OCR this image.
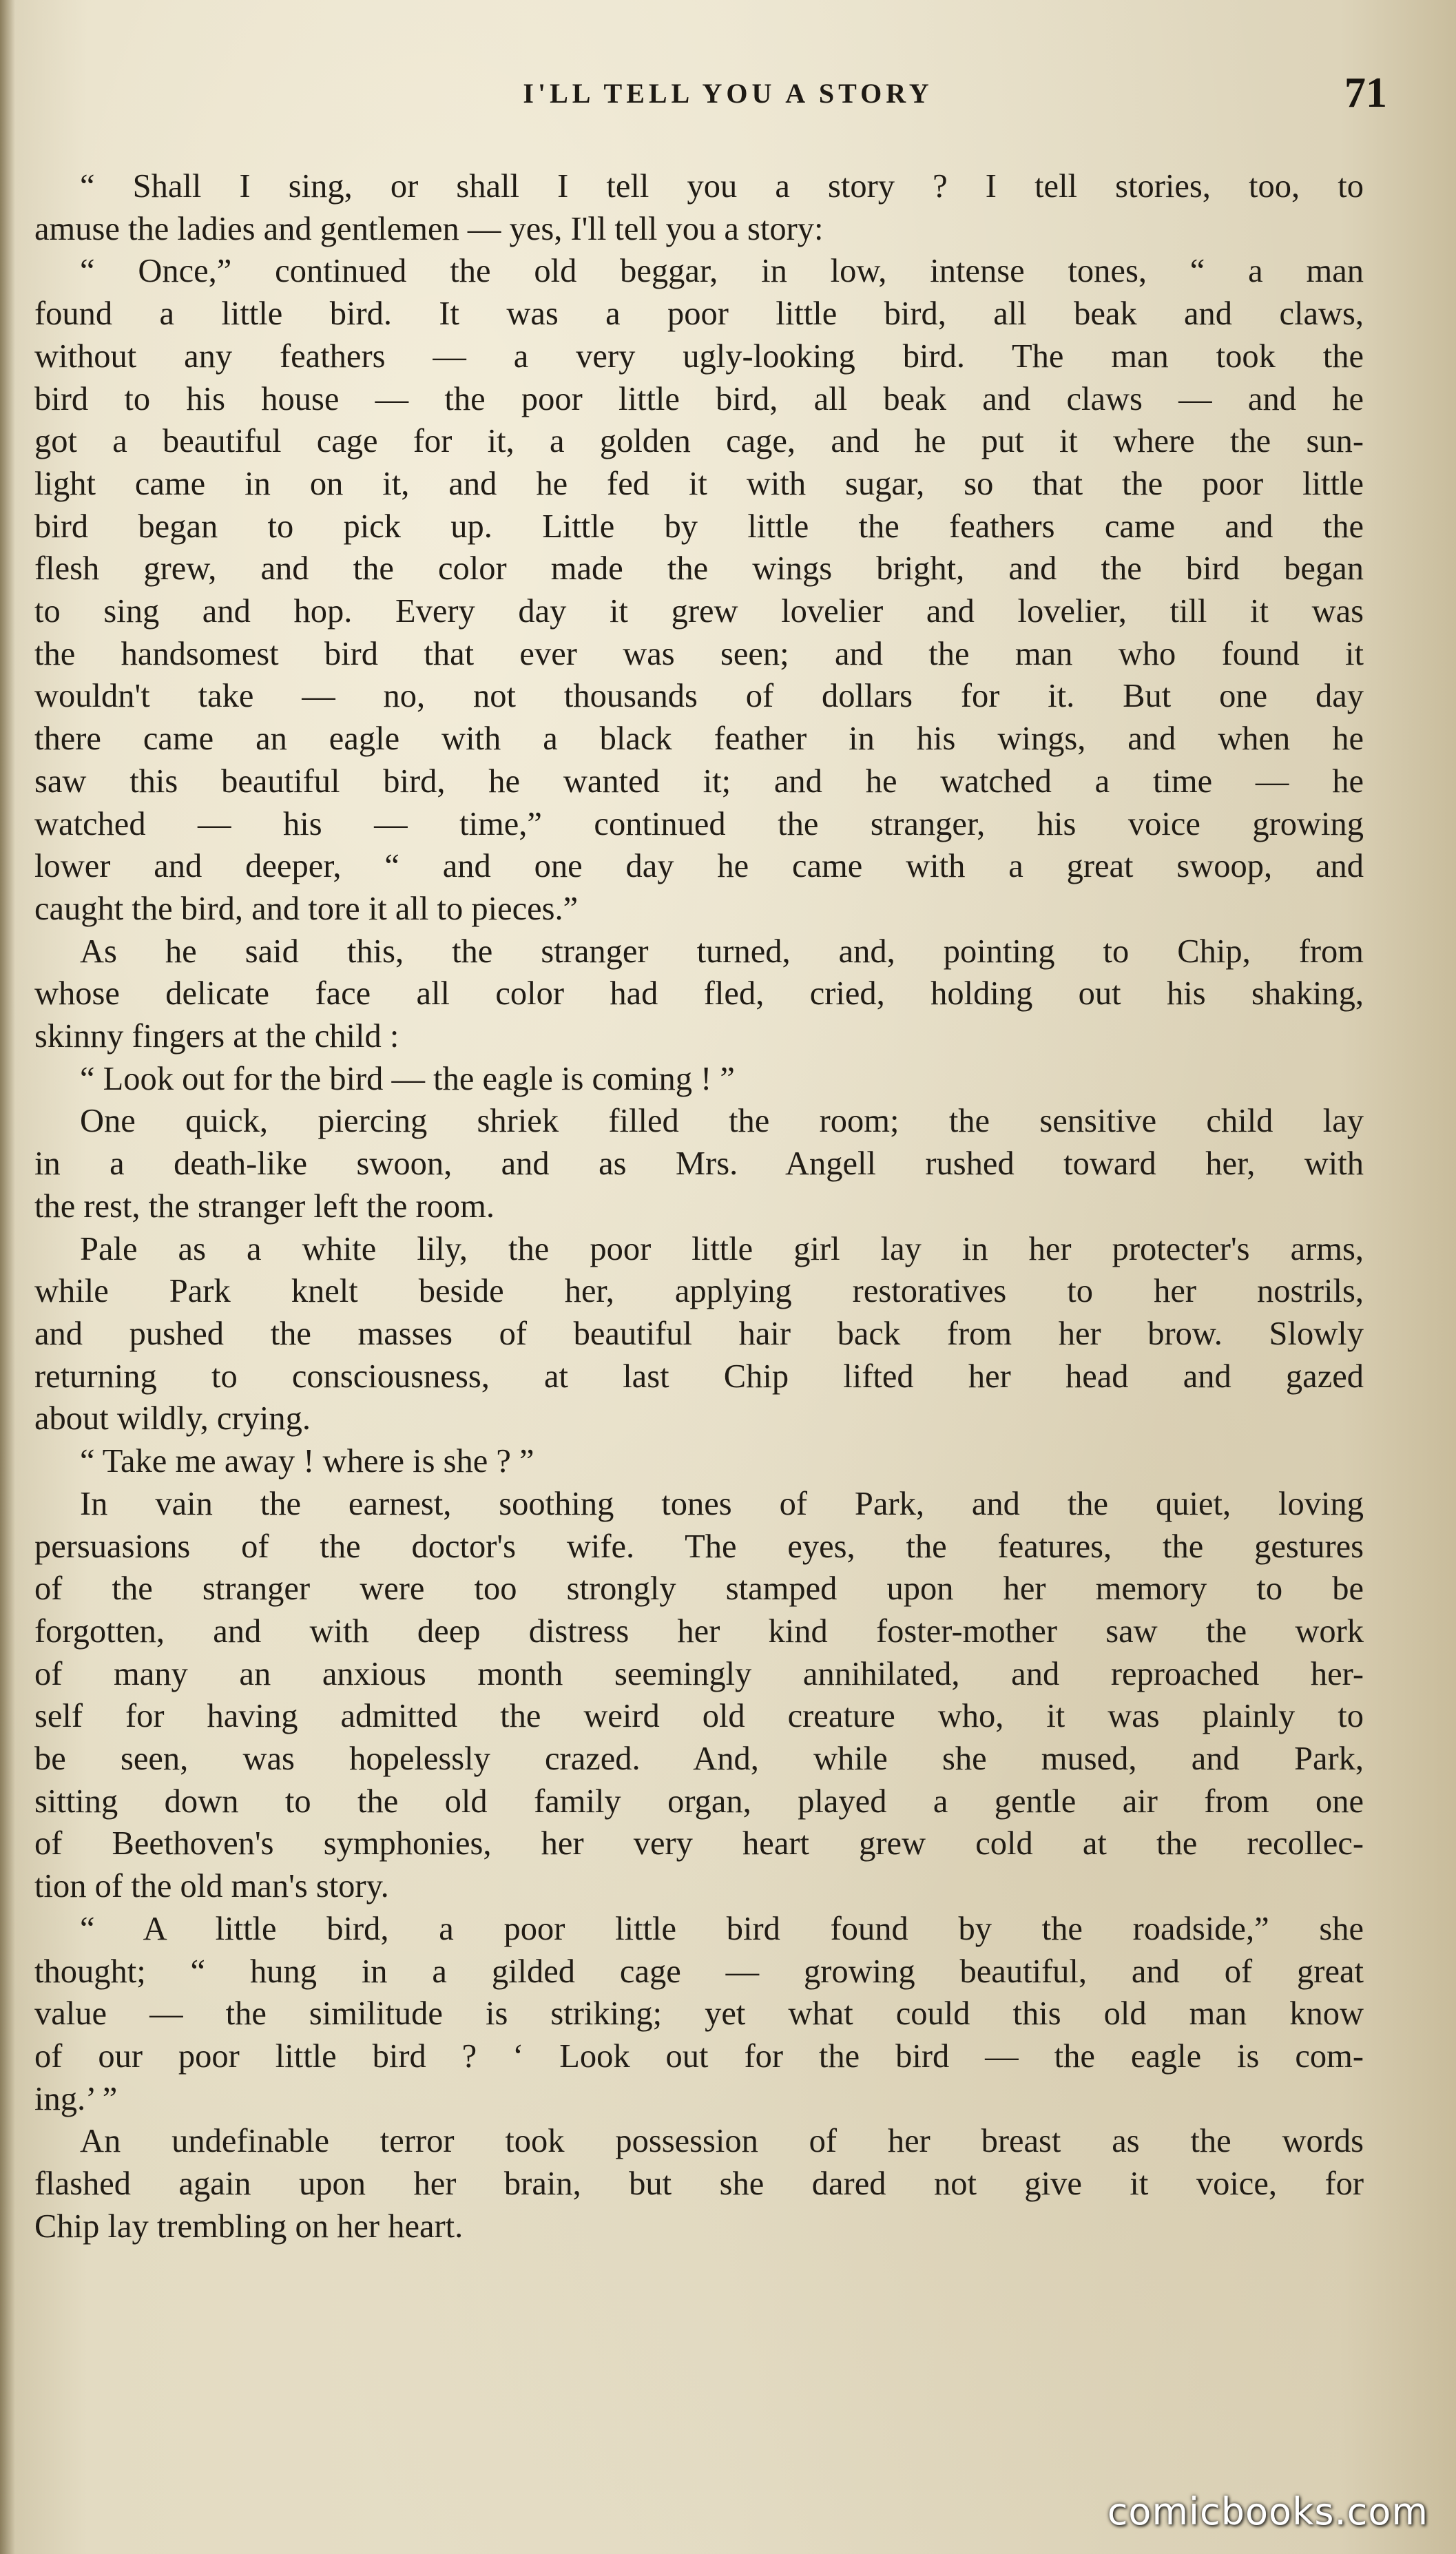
I'LL TELL YOU A STORY	71
“ Shall I sing, or shall I tell you a story ? I tell stories, too, to
amuse the ladies and gentlemen — yes, I'll tell you a story:
“ Once,” continued the old beggar, in low, intense tones, “ a man
found a little bird. It was a poor little bird, all beak and claws,
without any feathers — a very ugly-looking bird. The man took the
bird to his house — the poor little bird, all beak and claws — and he
got a beautiful cage for it, a golden cage, and he put it where the sun-
light came in on it, and he fed it with sugar, so that the poor little
bird began to pick up. Little by little the feathers came and the
flesh grew, and the color made the wings bright, and the bird began
to sing and hop. Every day it grew lovelier and lovelier, till it was
the handsomest bird that ever was seen; and the man who found it
wouldn't take — no, not thousands of dollars for it. But one day
there came an eagle with a black feather in his wings, and when he
saw this beautiful bird, he wanted it; and he watched a time — he
watched — his — time,” continued the stranger, his voice growing
lower and deeper, “ and one day he came with a great swoop, and
caught the bird, and tore it all to pieces.”
As he said this, the stranger turned, and, pointing to Chip, from
whose delicate face all color had fled, cried, holding out his shaking,
skinny fingers at the child :
“ Look out for the bird — the eagle is coming ! ”
One quick, piercing shriek filled the room; the sensitive child lay
in a death-like swoon, and as Mrs. Angell rushed toward her, with
the rest, the stranger left the room.
Pale as a white lily, the poor little girl lay in her protecter's arms,
while Park knelt beside her, applying restoratives to her nostrils,
and pushed the masses of beautiful hair back from her brow. Slowly
returning to consciousness, at last Chip lifted her head and gazed
about wildly, crying.
“ Take me away ! where is she ? ”
In vain the earnest, soothing tones of Park, and the quiet, loving
persuasions of the doctor's wife. The eyes, the features, the gestures
of the stranger were too strongly stamped upon her memory to be
forgotten, and with deep distress her kind foster-mother saw the work
of many an anxious month seemingly annihilated, and reproached her-
self for having admitted the weird old creature who, it was plainly to
be seen, was hopelessly crazed. And, while she mused, and Park,
sitting down to the old family organ, played a gentle air from one
of Beethoven's symphonies, her very heart grew cold at the recollec-
tion of the old man's story.
“ A little bird, a poor little bird found by the roadside,” she
thought; “ hung in a gilded cage — growing beautiful, and of great
value — the similitude is striking; yet what could this old man know
of our poor little bird ? ‘ Look out for the bird — the eagle is com-
ing.’ ”
An undefinable terror took possession of her breast as the words
flashed again upon her brain, but she dared not give it voice, for
Chip lay trembling on her heart.
comicbooks.com
